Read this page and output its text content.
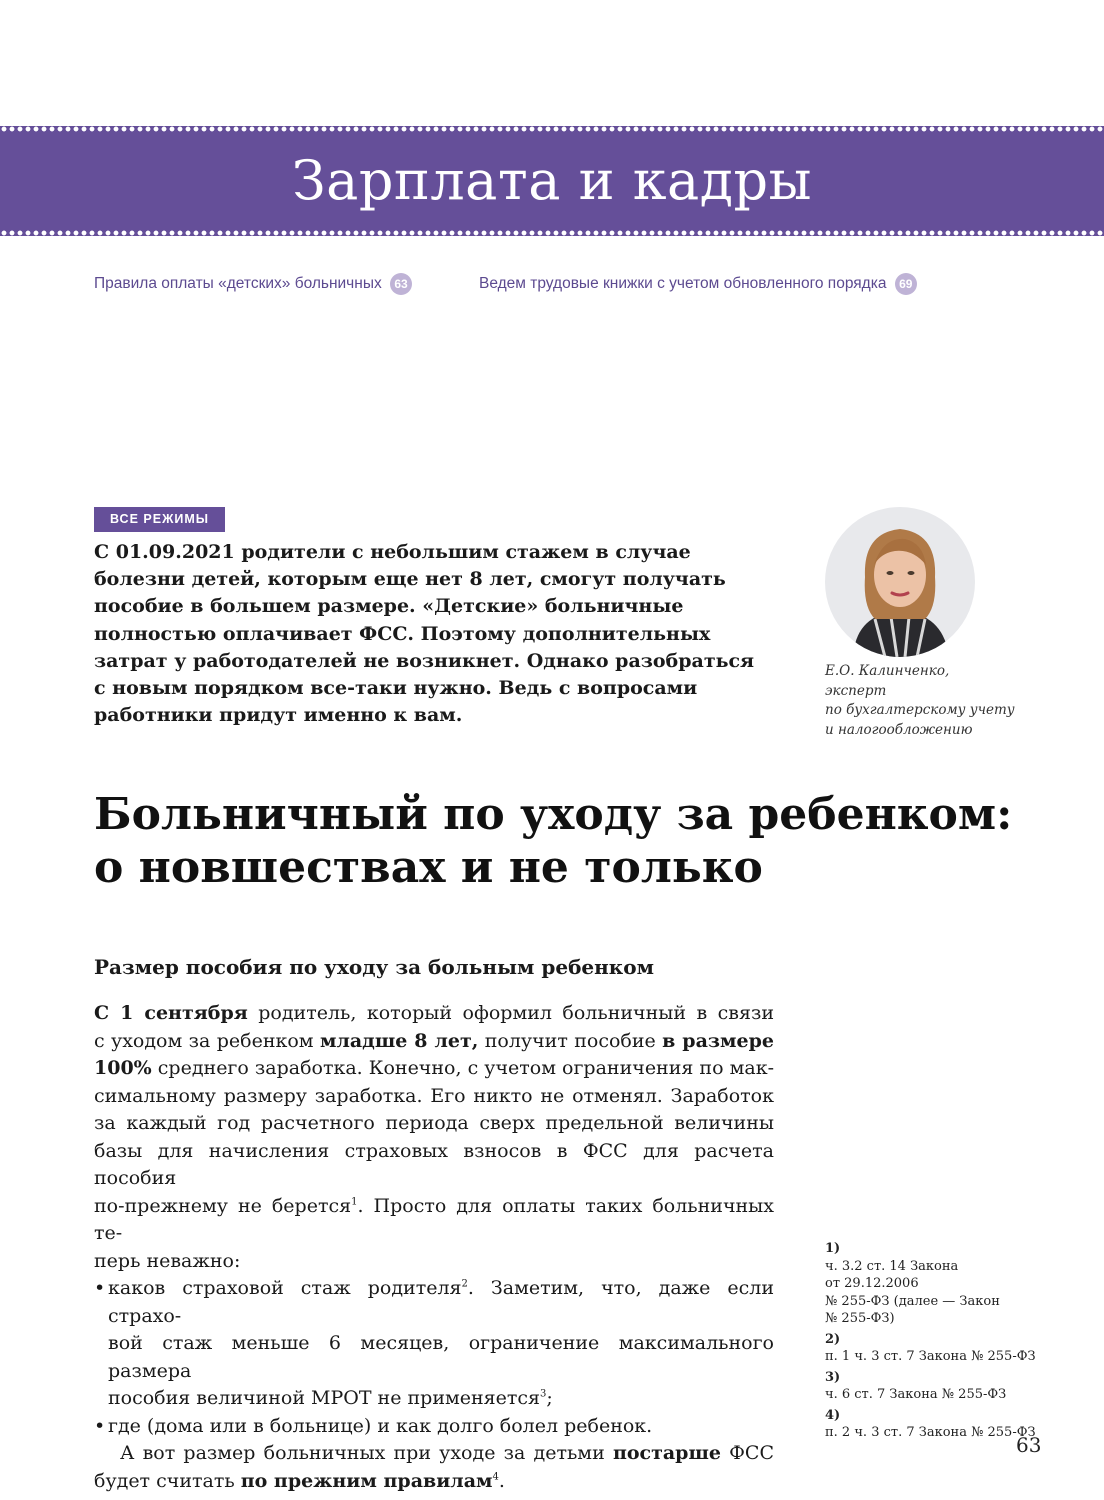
Зарплата и кадры
Правила оплаты «детских» больничных 63	Ведем трудовые книжки с учетом обновленного порядка 69
ВСЕ РЕЖИМЫ

С 01.09.2021 родители с небольшим стажем в случае
болезни детей, которым еще нет 8 лет, смогут получать
пособие в большем размере. «Детские» больничные
полностью оплачивает ФСС. Поэтому дополнительных
затрат у работодателей не возникнет. Однако разобраться
с новым порядком все-таки нужно. Ведь с вопросами
работники придут именно к вам.

Е.О. Калинченко,
эксперт
по бухгалтерскому учету
и налогообложению

Больничный по уходу за ребенком:
о новшествах и не только
Размер пособия по уходу за больным ребенком
С 1 сентября родитель, который оформил больничный в связи
с уходом за ребенком младше 8 лет, получит пособие в размере
100% среднего заработка. Конечно, с учетом ограничения по мак-
симальному размеру заработка. Его никто не отменял. Заработок
за каждый год расчетного периода сверх предельной величины
базы для начисления страховых взносов в ФСС для расчета пособия
по-прежнему не берется$^1$. Просто для оплаты таких больничных те-
перь неважно:
• каков страховой стаж родителя$^2$. Заметим, что, даже если страхо-
вой стаж меньше 6 месяцев, ограничение максимального размера
пособия величиной МРОТ не применяется$^3$;
• где (дома или в больнице) и как долго болел ребенок.
А вот размер больничных при уходе за детьми постарше ФСС
будет считать по прежним правилам$^4$.
1)
ч. 3.2 ст. 14 Закона
от 29.12.2006
№ 255-ФЗ (далее — Закон
№ 255-ФЗ)
2)
п. 1 ч. 3 ст. 7 Закона № 255-ФЗ
3)
ч. 6 ст. 7 Закона № 255-ФЗ
4)
п. 2 ч. 3 ст. 7 Закона № 255-ФЗ
63
